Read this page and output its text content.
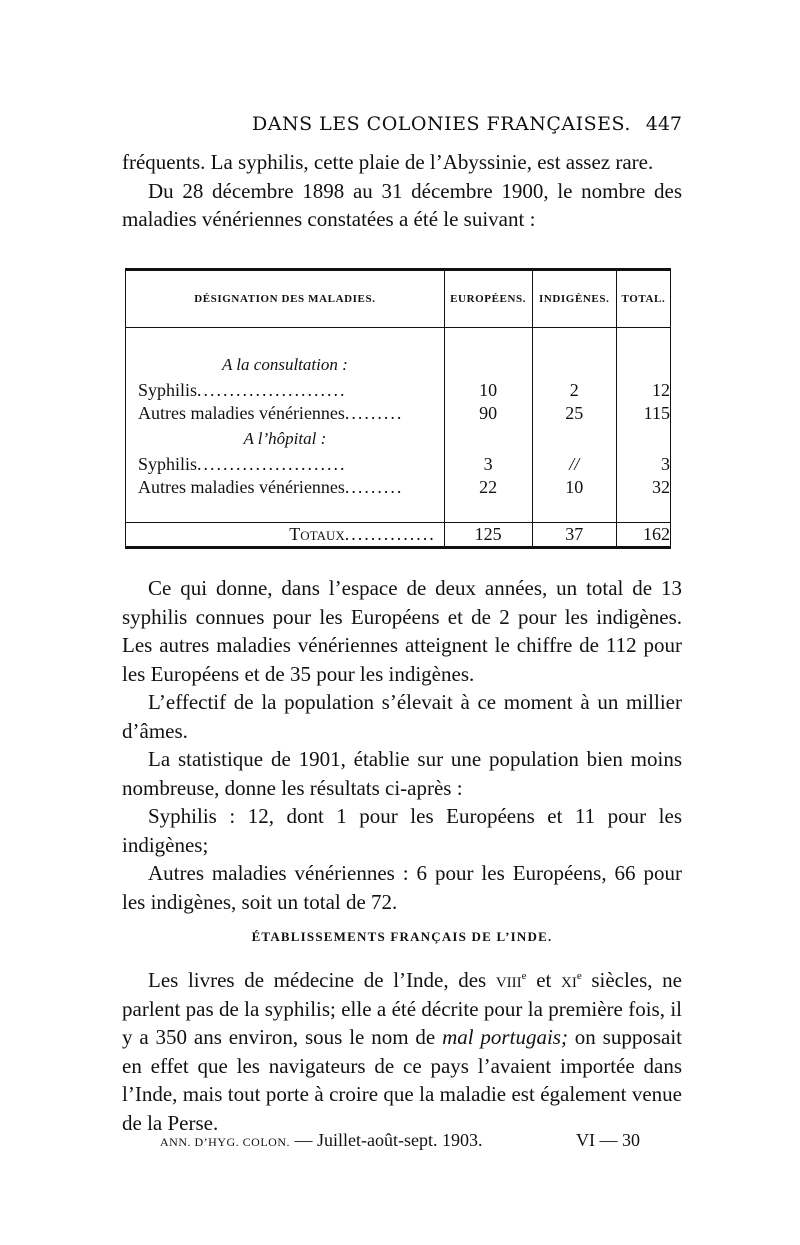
DANS LES COLONIES FRANÇAISES. 447

fréquents. La syphilis, cette plaie de l’Abyssinie, est assez rare.

Du 28 décembre 1898 au 31 décembre 1900, le nombre des maladies vénériennes constatées a été le suivant :

DÉSIGNATION DES MALADIES.	EUROPÉENS.	INDIGÈNES.	TOTAL.

A la consultation :			
Syphilis.......................	10	2	12
Autres maladies vénériennes.........	90	25	115
A l’hôpital :			
Syphilis.......................	3	//	3
Autres maladies vénériennes.........	22	10	32

Totaux..............	125	37	162

Ce qui donne, dans l’espace de deux années, un total de 13 syphilis connues pour les Européens et de 2 pour les indigènes. Les autres maladies vénériennes atteignent le chiffre de 112 pour les Européens et de 35 pour les indigènes.

L’effectif de la population s’élevait à ce moment à un millier d’âmes.

La statistique de 1901, établie sur une population bien moins nombreuse, donne les résultats ci-après :

Syphilis : 12, dont 1 pour les Européens et 11 pour les indigènes;

Autres maladies vénériennes : 6 pour les Européens, 66 pour les indigènes, soit un total de 72.

ÉTABLISSEMENTS FRANÇAIS DE L’INDE.

Les livres de médecine de l’Inde, des viii$^e$ et $xi^e$ siècles, ne parlent pas de la syphilis; elle a été décrite pour la première fois, il y a 350 ans environ, sous le nom de mal portugais; on supposait en effet que les navigateurs de ce pays l’avaient importée dans l’Inde, mais tout porte à croire que la maladie est également venue de la Perse.

ANN. D’HYG. COLON. — Juillet-août-sept. 1903.	VI — 30
